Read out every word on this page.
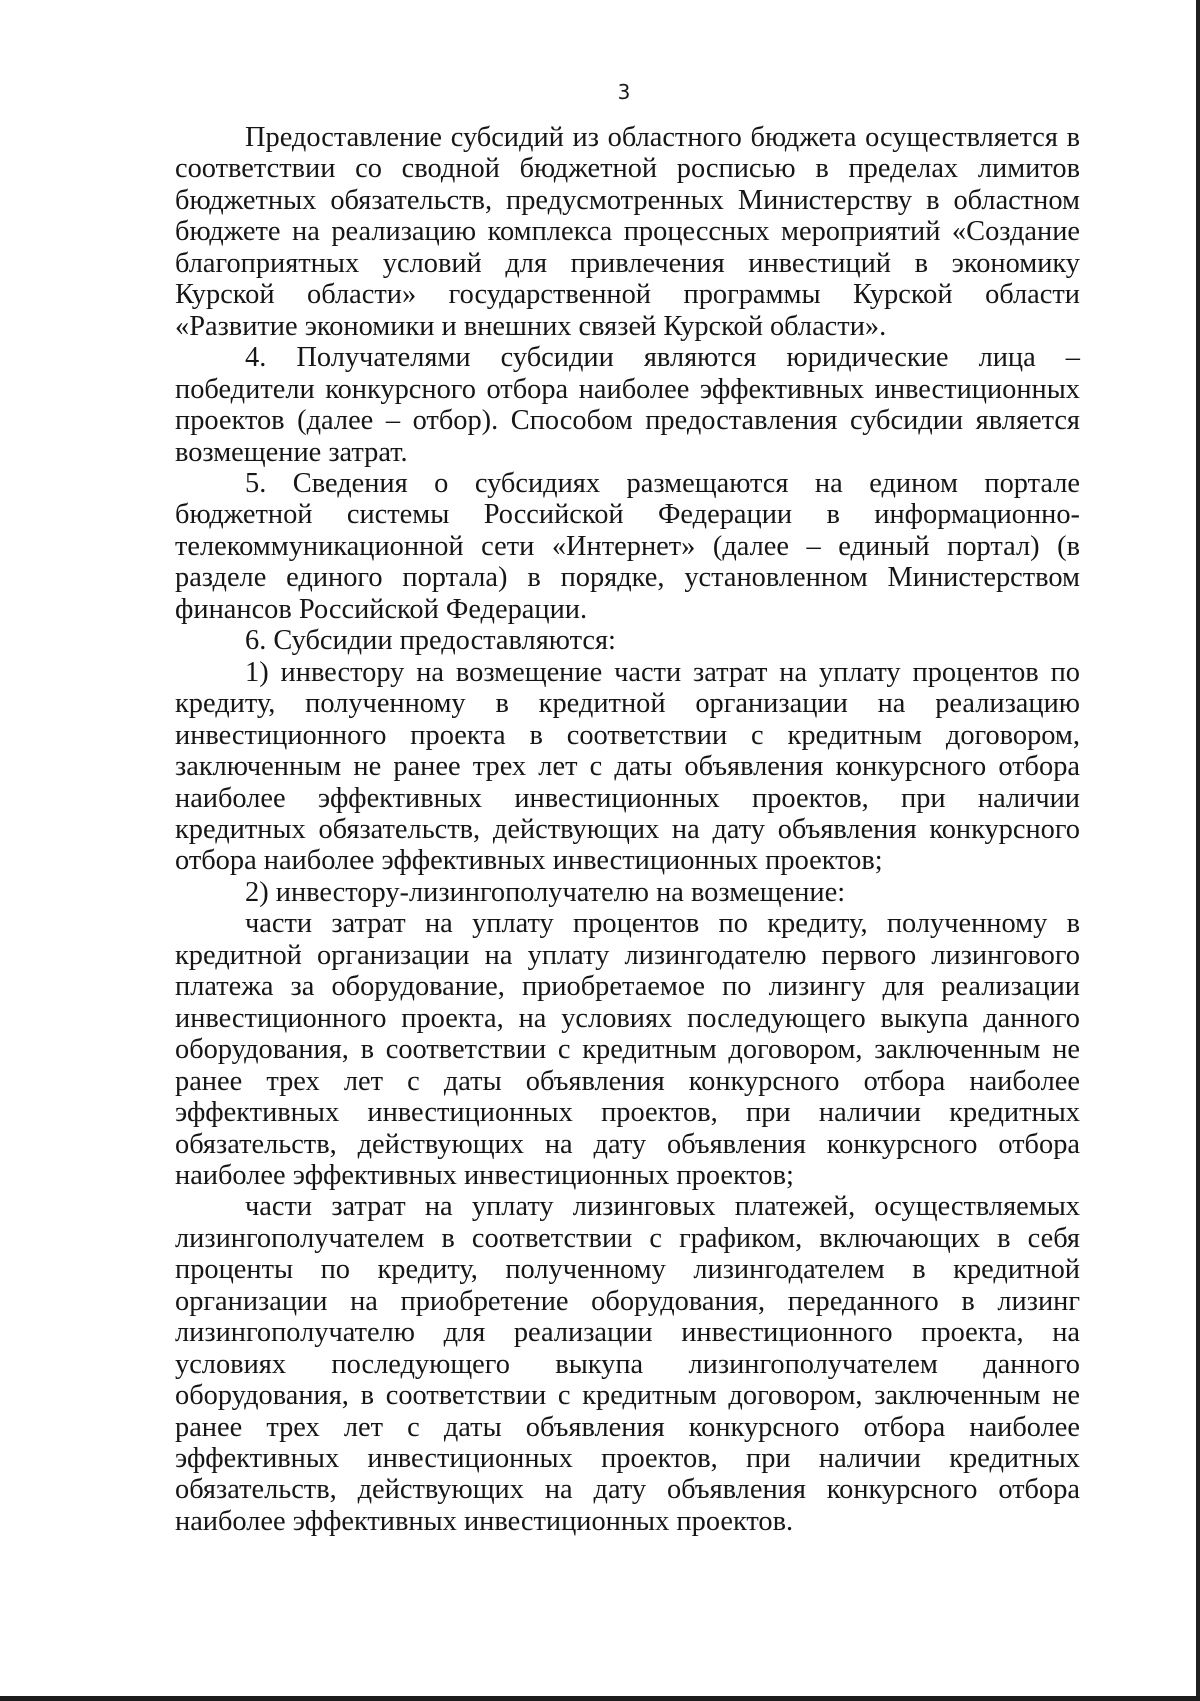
3

Предоставление субсидий из областного бюджета осуществляется в соответствии со сводной бюджетной росписью в пределах лимитов бюджетных обязательств, предусмотренных Министерству в областном бюджете на реализацию комплекса процессных мероприятий «Создание благоприятных условий для привлечения инвестиций в экономику Курской области» государственной программы Курской области «Развитие экономики и внешних связей Курской области».

4. Получателями субсидии являются юридические лица – победители конкурсного отбора наиболее эффективных инвестиционных проектов (далее – отбор). Способом предоставления субсидии является возмещение затрат.

5. Сведения о субсидиях размещаются на едином портале бюджетной системы Российской Федерации в информационно-телекоммуникационной сети «Интернет» (далее – единый портал) (в разделе единого портала) в порядке, установленном Министерством финансов Российской Федерации.

6. Субсидии предоставляются:

1) инвестору на возмещение части затрат на уплату процентов по кредиту, полученному в кредитной организации на реализацию инвестиционного проекта в соответствии с кредитным договором, заключенным не ранее трех лет с даты объявления конкурсного отбора наиболее эффективных инвестиционных проектов, при наличии кредитных обязательств, действующих на дату объявления конкурсного отбора наиболее эффективных инвестиционных проектов;

2) инвестору-лизингополучателю на возмещение:

части затрат на уплату процентов по кредиту, полученному в кредитной организации на уплату лизингодателю первого лизингового платежа за оборудование, приобретаемое по лизингу для реализации инвестиционного проекта, на условиях последующего выкупа данного оборудования, в соответствии с кредитным договором, заключенным не ранее трех лет с даты объявления конкурсного отбора наиболее эффективных инвестиционных проектов, при наличии кредитных обязательств, действующих на дату объявления конкурсного отбора наиболее эффективных инвестиционных проектов;

части затрат на уплату лизинговых платежей, осуществляемых лизингополучателем в соответствии с графиком, включающих в себя проценты по кредиту, полученному лизингодателем в кредитной организации на приобретение оборудования, переданного в лизинг лизингополучателю для реализации инвестиционного проекта, на условиях последующего выкупа лизингополучателем данного оборудования, в соответствии с кредитным договором, заключенным не ранее трех лет с даты объявления конкурсного отбора наиболее эффективных инвестиционных проектов, при наличии кредитных обязательств, действующих на дату объявления конкурсного отбора наиболее эффективных инвестиционных проектов.
